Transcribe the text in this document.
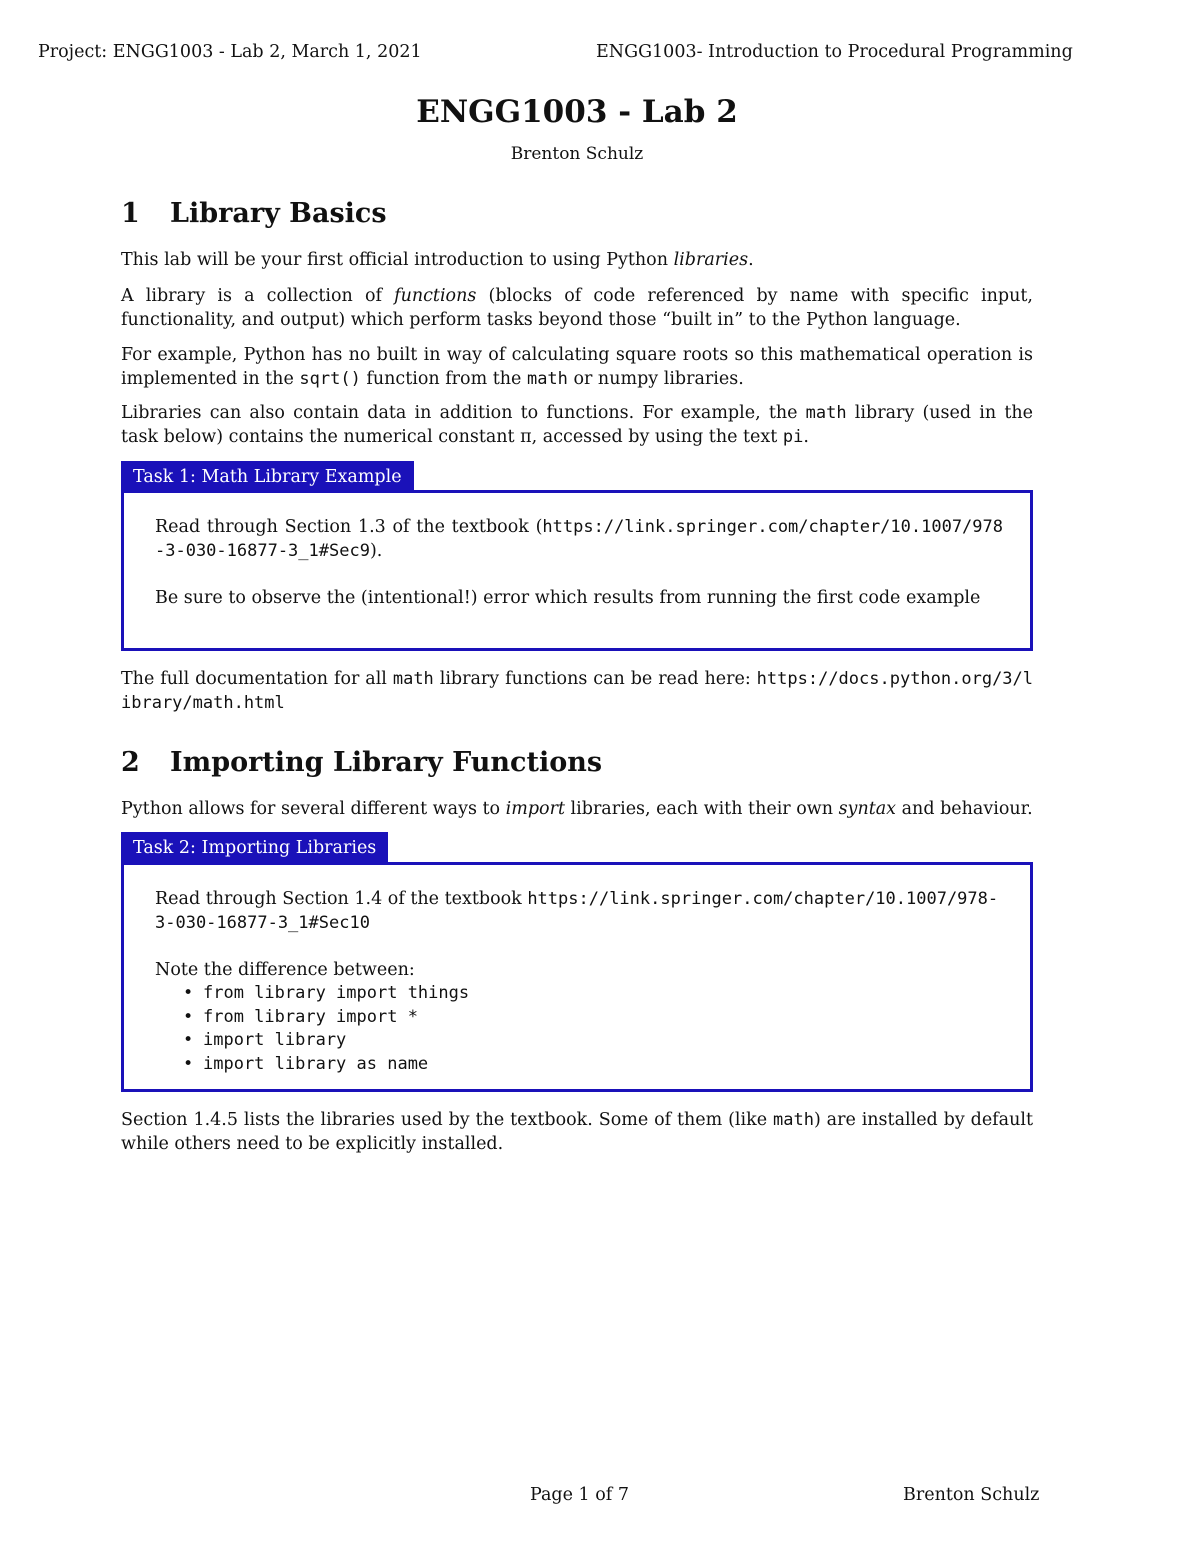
Project: ENGG1003 - Lab 2, March 1, 2021	ENGG1003- Introduction to Procedural Programming
ENGG1003 - Lab 2
Brenton Schulz
1 Library Basics

This lab will be your first official introduction to using Python libraries.

A library is a collection of functions (blocks of code referenced by name with specific input, functionality, and output) which perform tasks beyond those “built in” to the Python language.

For example, Python has no built in way of calculating square roots so this mathematical operation is implemented in the sqrt() function from the math or numpy libraries.

Libraries can also contain data in addition to functions. For example, the math library (used in the task below) contains the numerical constant π, accessed by using the text pi.

Task 1: Math Library Example
Read through Section 1.3 of the textbook (https://link.springer.com/chapter/10.1007/978-3-030-16877-3_1#Sec9).
Be sure to observe the (intentional!) error which results from running the first code example

The full documentation for all math library functions can be read here: https://docs.python.org/3/library/math.html

2 Importing Library Functions

Python allows for several different ways to import libraries, each with their own syntax and behaviour.

Task 2: Importing Libraries
Read through Section 1.4 of the textbook https://link.springer.com/chapter/10.1007/978-3-030-16877-3_1#Sec10
Note the difference between:
• from library import things
• from library import *
• import library
• import library as name

Section 1.4.5 lists the libraries used by the textbook. Some of them (like math) are installed by default while others need to be explicitly installed.

Page 1 of 7	Brenton Schulz
